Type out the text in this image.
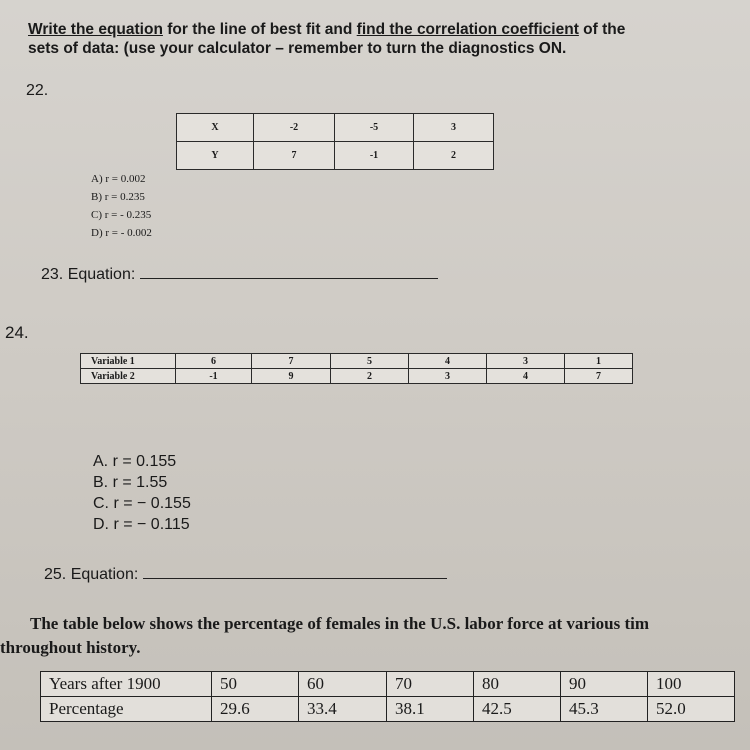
Write the equation for the line of best fit and find the correlation coefficient of the
sets of data: (use your calculator – remember to turn the diagnostics ON.
22.
X	-2	-5	3
Y	7	-1	2
A) r = 0.002
B) r = 0.235
C) r = - 0.235
D) r = - 0.002
23. Equation:
24.
Variable 1	6	7	5	4	3	1
Variable 2	-1	9	2	3	4	7
A. r = 0.155
B. r = 1.55
C. r = − 0.155
D. r = − 0.115
25. Equation:
The table below shows the percentage of females in the U.S. labor force at various tim
throughout history.
Years after 1900	50	60	70	80	90	100
Percentage	29.6	33.4	38.1	42.5	45.3	52.0
